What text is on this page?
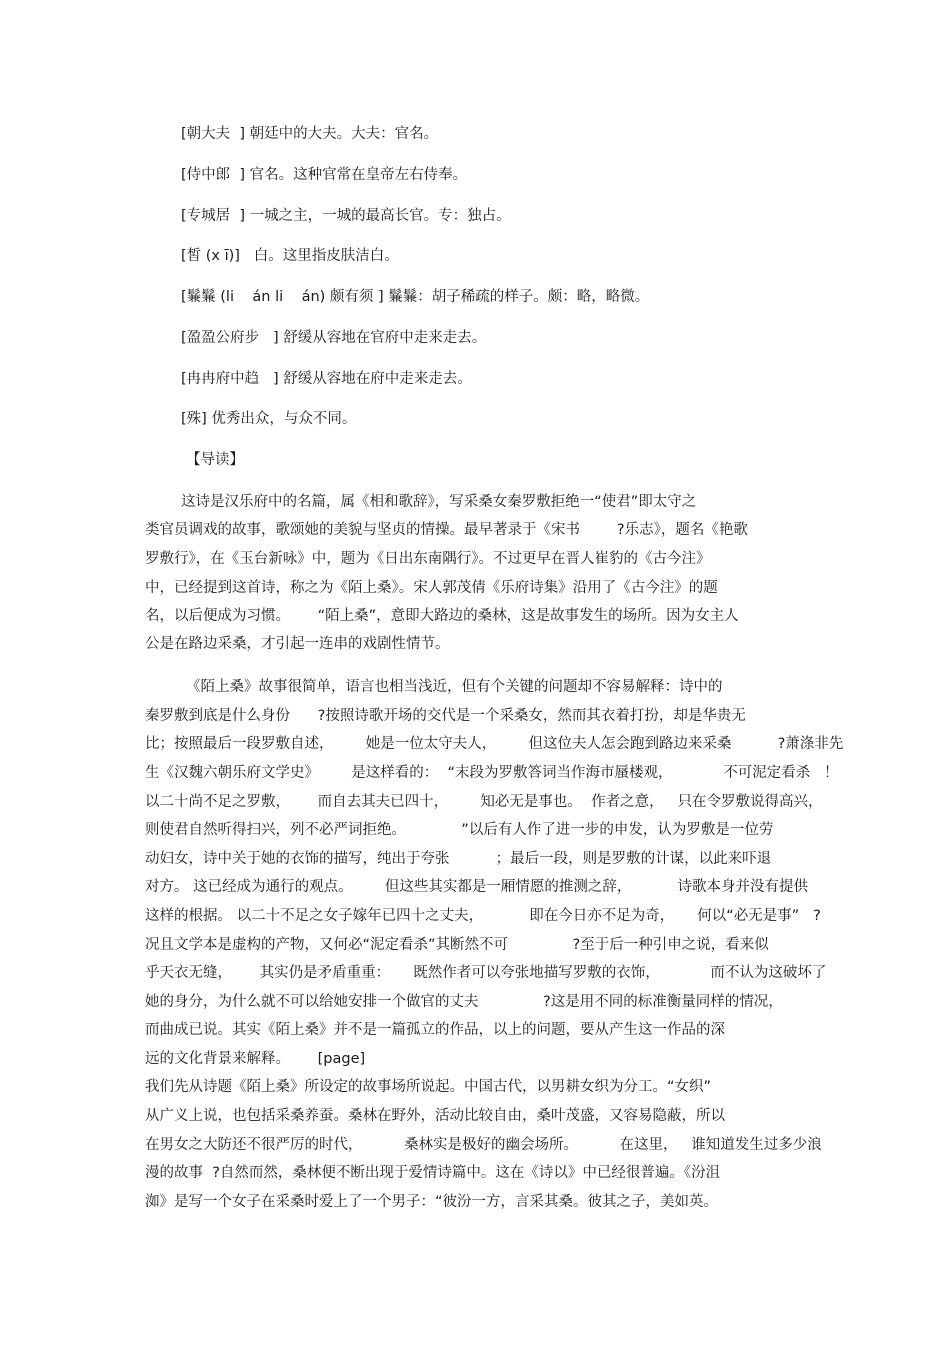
[朝大夫  ] 朝廷中的大夫。大夫：官名。
[侍中郎  ] 官名。这种官常在皇帝左右侍奉。
[专城居  ] 一城之主，一城的最高长官。专：独占。
[皙 (x ī)]   白。这里指皮肤洁白。
[鬑鬑 (li    án li    án) 颇有须 ] 鬑鬑：胡子稀疏的样子。颇：略，略微。
[盈盈公府步   ] 舒缓从容地在官府中走来走去。
[冉冉府中趋   ] 舒缓从容地在府中走来走去。
[殊] 优秀出众，与众不同。
【导读】
这诗是汉乐府中的名篇，属《相和歌辞》，写采桑女秦罗敷拒绝一“使君”即太守之
类官员调戏的故事，歌颂她的美貌与坚贞的情操。最早著录于《宋书        ?乐志》，题名《艳歌
罗敷行》，在《玉台新咏》中，题为《日出东南隅行》。不过更早在晋人崔豹的《古今注》
中，已经提到这首诗，称之为《陌上桑》。宋人郭茂倩《乐府诗集》沿用了《古今注》的题
名，以后便成为习惯。      “陌上桑”，意即大路边的桑林，这是故事发生的场所。因为女主人
公是在路边采桑，才引起一连串的戏剧性情节。
《陌上桑》故事很简单，语言也相当浅近，但有个关键的问题却不容易解释：诗中的
秦罗敷到底是什么身份      ?按照诗歌开场的交代是一个采桑女，然而其衣着打扮，却是华贵无
比；按照最后一段罗敷自述，       她是一位太守夫人，       但这位夫人怎会跑到路边来采桑          ?萧涤非先
生《汉魏六朝乐府文学史》       是这样看的：  “末段为罗敷答词当作海市蜃楼观，           不可泥定看杀   ！
以二十尚不足之罗敷，      而自去其夫已四十，       知必无是事也。  作者之意，   只在令罗敷说得高兴，
则使君自然听得扫兴，列不必严词拒绝。            ”以后有人作了进一步的申发，认为罗敷是一位劳
动妇女，诗中关于她的衣饰的描写，纯出于夸张          ；最后一段，则是罗敷的计谋，以此来吓退
对方。 这已经成为通行的观点。       但这些其实都是一厢情愿的推测之辞，          诗歌本身并没有提供
这样的根据。 以二十不足之女子嫁年已四十之丈夫，          即在今日亦不足为奇，     何以“必无是事”   ?
况且文学本是虚构的产物，又何必“泥定看杀”其断然不可              ?至于后一种引申之说，看来似
乎天衣无缝，      其实仍是矛盾重重：     既然作者可以夸张地描写罗敷的衣饰，           而不认为这破坏了
她的身分，为什么就不可以给她安排一个做官的丈夫              ?这是用不同的标准衡量同样的情况，
而曲成已说。其实《陌上桑》并不是一篇孤立的作品，以上的问题，要从产生这一作品的深
远的文化背景来解释。      [page]
我们先从诗题《陌上桑》所设定的故事场所说起。中国古代，以男耕女织为分工。“女织”
从广义上说，也包括采桑养蚕。桑林在野外，活动比较自由，桑叶茂盛，又容易隐蔽，所以
在男女之大防还不很严厉的时代，         桑林实是极好的幽会场所。         在这里，   谁知道发生过多少浪
漫的故事  ?自然而然，桑林便不断出现于爱情诗篇中。这在《诗以》中已经很普遍。《汾沮
洳》是写一个女子在采桑时爱上了一个男子：“彼汾一方，言采其桑。彼其之子，美如英。
